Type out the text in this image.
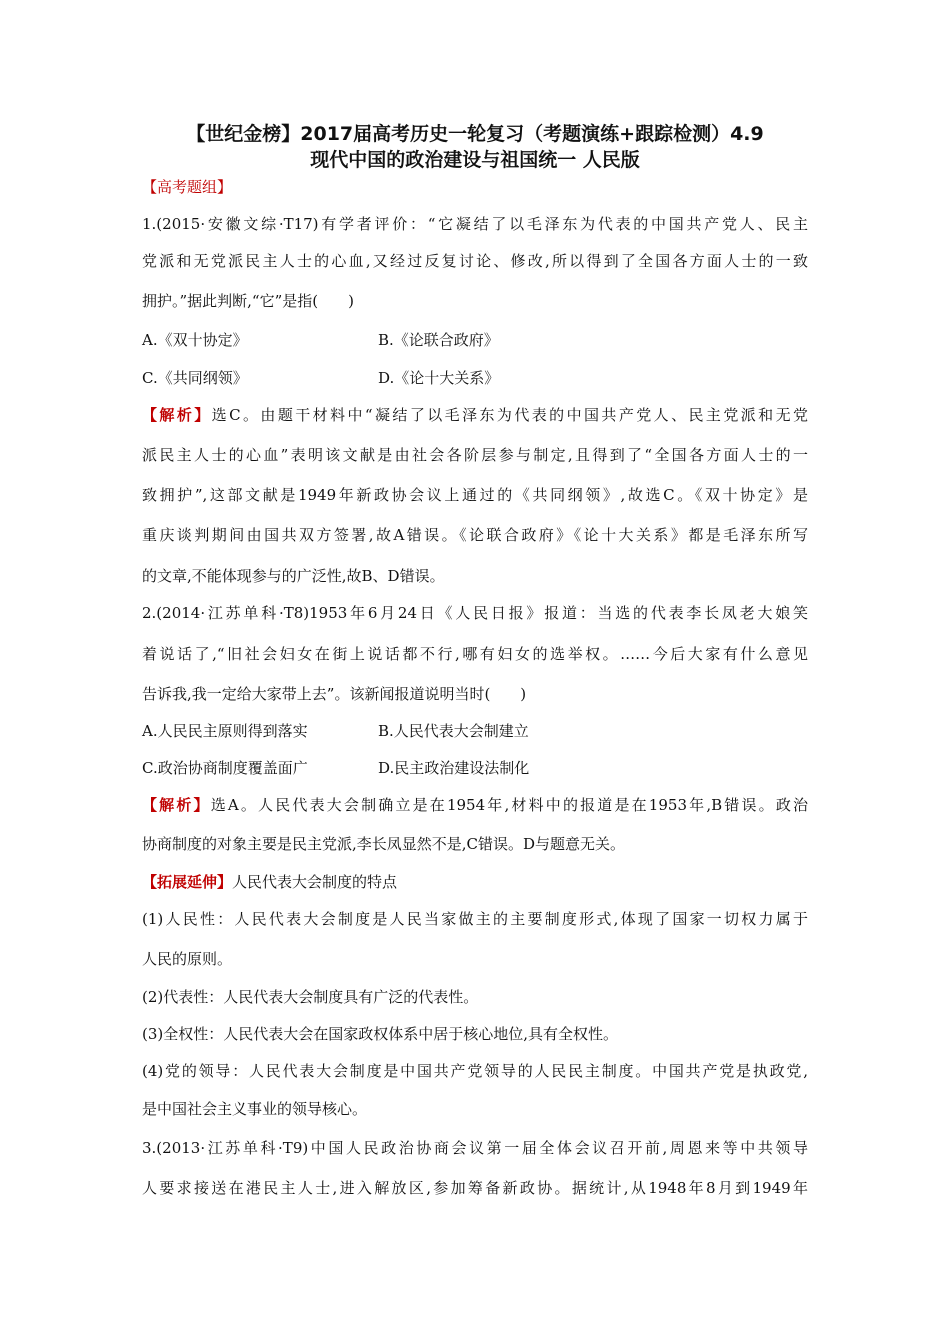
【世纪金榜】2017届高考历史一轮复习（考题演练+跟踪检测）4.9
现代中国的政治建设与祖国统一 人民版
【高考题组】
1.(2015·安徽文综·T17)有学者评价：“它凝结了以毛泽东为代表的中国共产党人、民主
党派和无党派民主人士的心血,又经过反复讨论、修改,所以得到了全国各方面人士的一致
拥护。”据此判断,“它”是指(　　)
A.《双十协定》	B.《论联合政府》
C.《共同纲领》	D.《论十大关系》
【解析】选C。由题干材料中“凝结了以毛泽东为代表的中国共产党人、民主党派和无党
派民主人士的心血”表明该文献是由社会各阶层参与制定,且得到了“全国各方面人士的一
致拥护”,这部文献是1949年新政协会议上通过的《共同纲领》,故选C。《双十协定》是
重庆谈判期间由国共双方签署,故A错误。《论联合政府》《论十大关系》都是毛泽东所写
的文章,不能体现参与的广泛性,故B、D错误。
2.(2014·江苏单科·T8)1953年6月24日《人民日报》报道：当选的代表李长凤老大娘笑
着说话了,“旧社会妇女在街上说话都不行,哪有妇女的选举权。……今后大家有什么意见
告诉我,我一定给大家带上去”。该新闻报道说明当时(　　)
A.人民民主原则得到落实	B.人民代表大会制建立
C.政治协商制度覆盖面广	D.民主政治建设法制化
【解析】选A。人民代表大会制确立是在1954年,材料中的报道是在1953年,B错误。政治
协商制度的对象主要是民主党派,李长凤显然不是,C错误。D与题意无关。
【拓展延伸】人民代表大会制度的特点
(1)人民性：人民代表大会制度是人民当家做主的主要制度形式,体现了国家一切权力属于
人民的原则。
(2)代表性：人民代表大会制度具有广泛的代表性。
(3)全权性：人民代表大会在国家政权体系中居于核心地位,具有全权性。
(4)党的领导：人民代表大会制度是中国共产党领导的人民民主制度。中国共产党是执政党,
是中国社会主义事业的领导核心。
3.(2013·江苏单科·T9)中国人民政治协商会议第一届全体会议召开前,周恩来等中共领导
人要求接送在港民主人士,进入解放区,参加筹备新政协。据统计,从1948年8月到1949年
